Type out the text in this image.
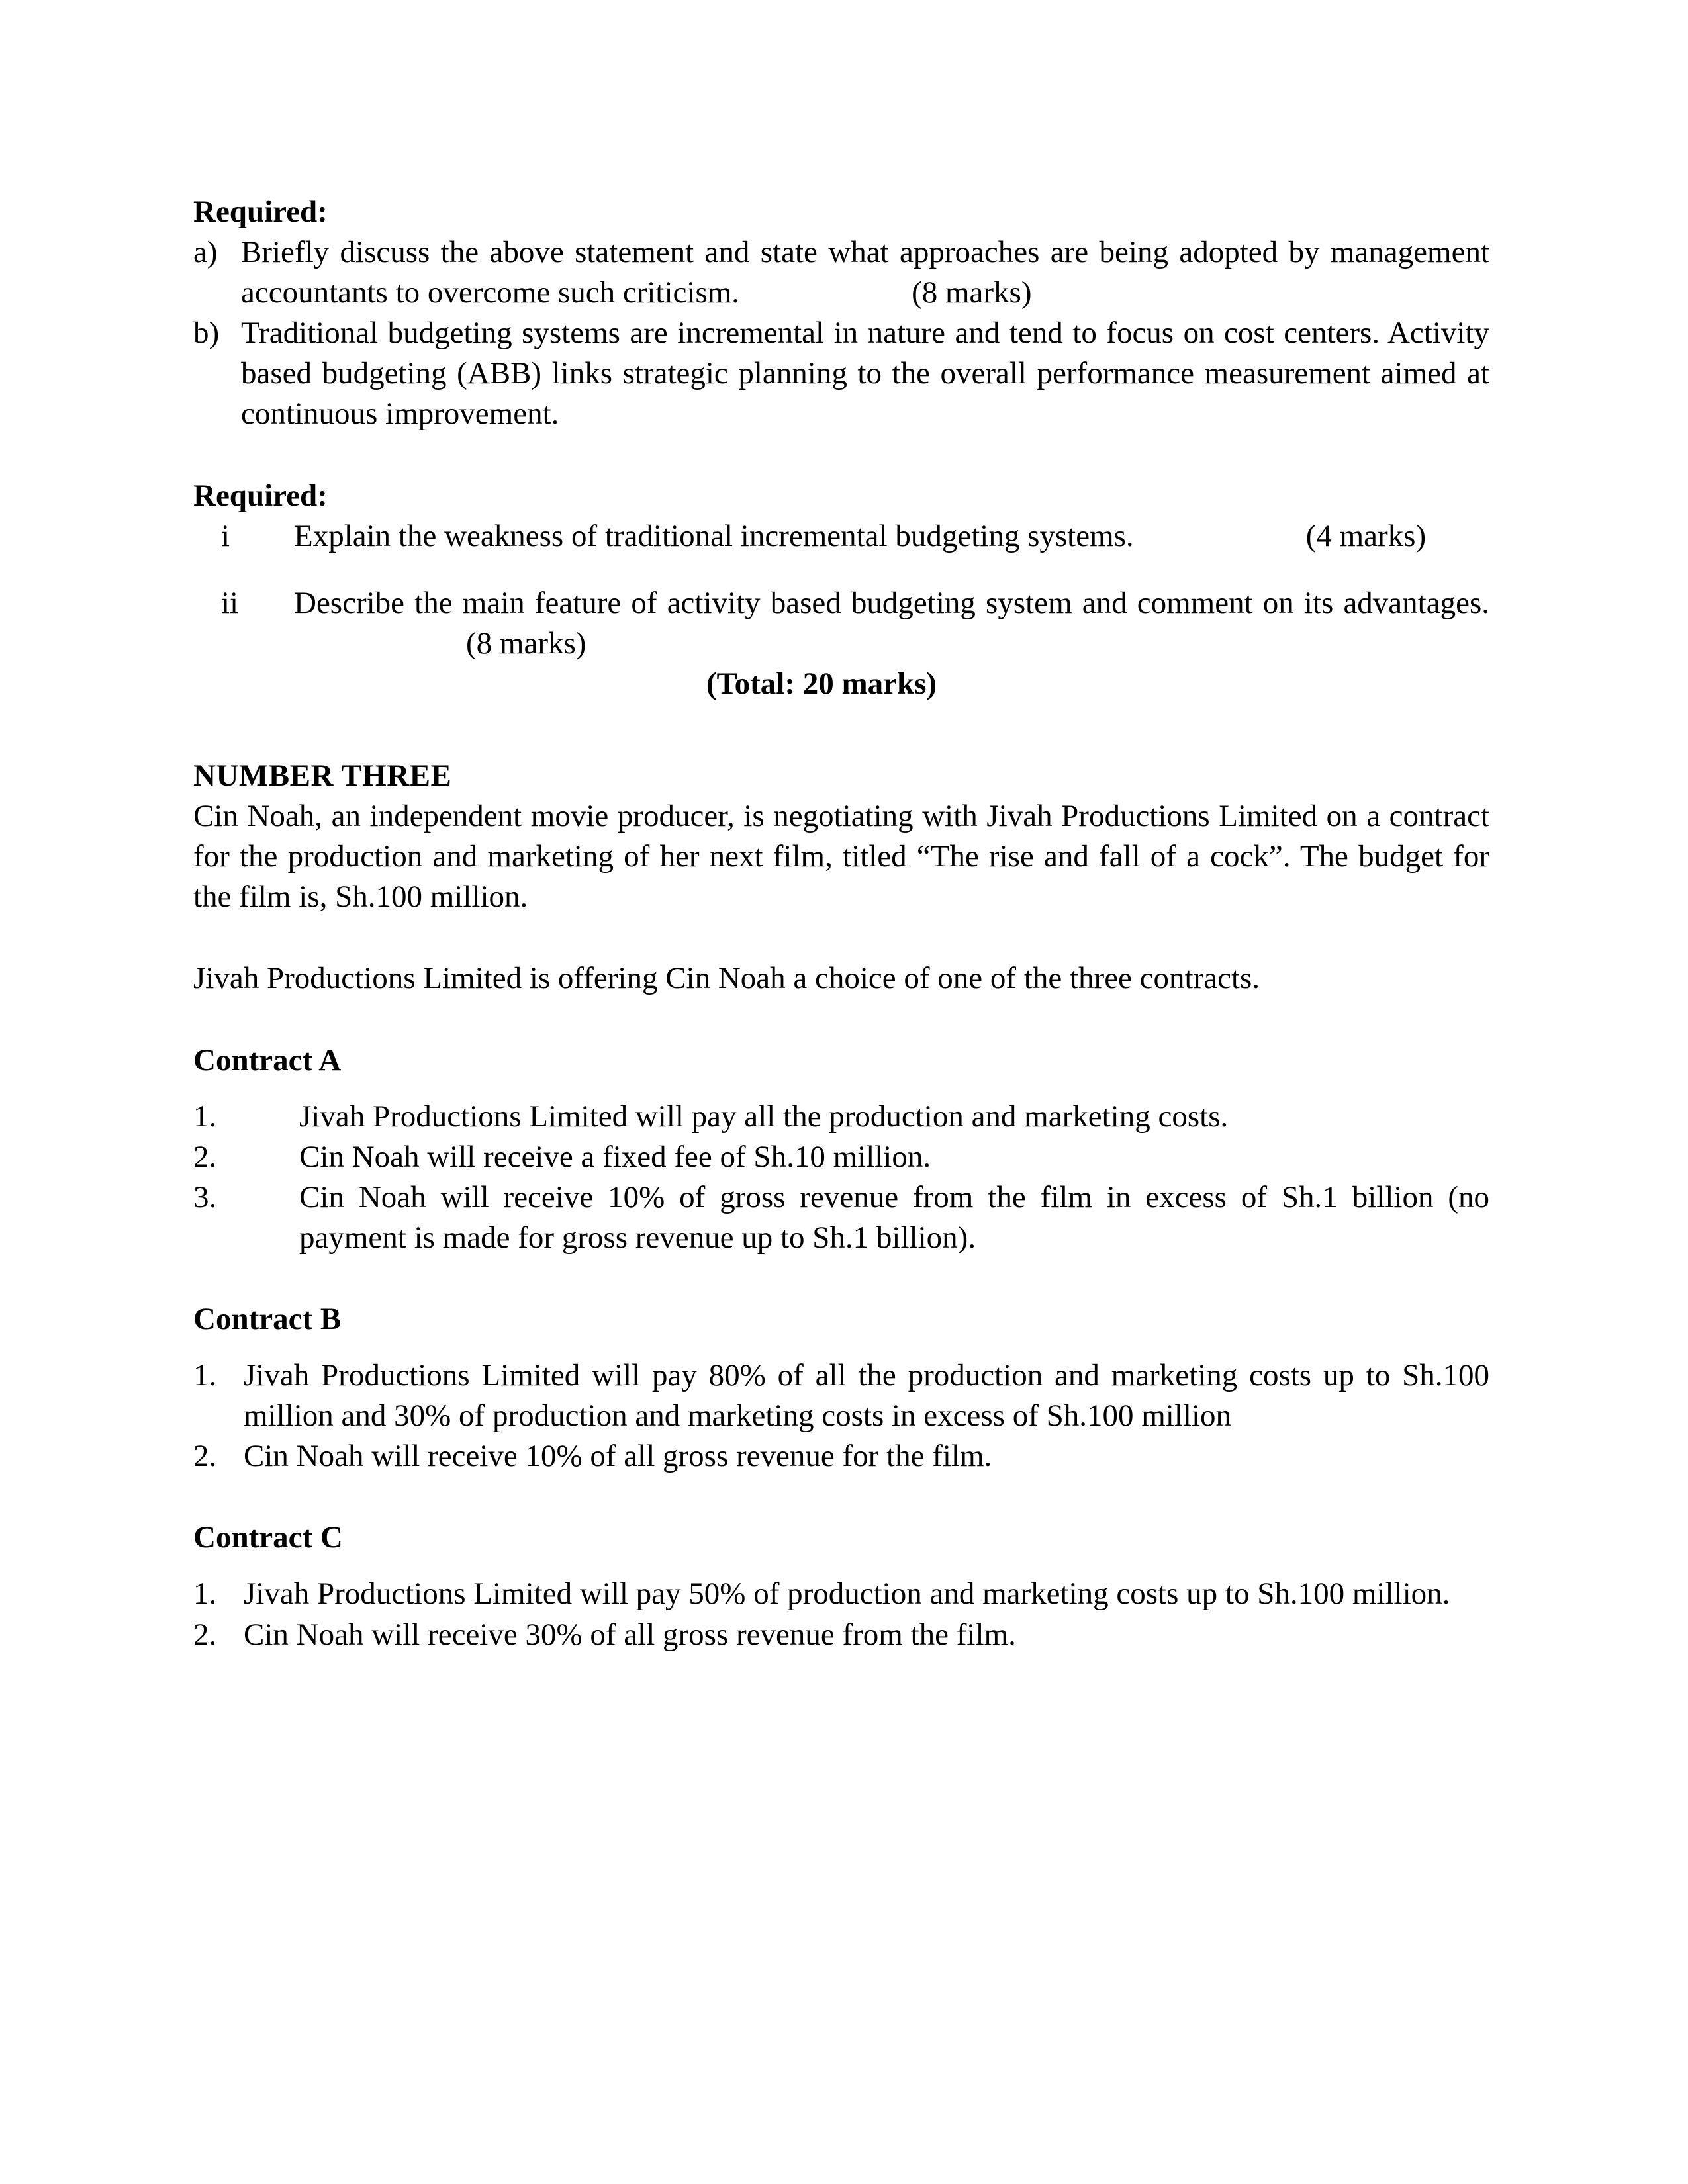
Required:

a) Briefly discuss the above statement and state what approaches are being adopted by management accountants to overcome such criticism.	(8 marks)
b) Traditional budgeting systems are incremental in nature and tend to focus on cost centers. Activity based budgeting (ABB) links strategic planning to the overall performance measurement aimed at continuous improvement.

Required:

i	Explain the weakness of traditional incremental budgeting systems.	(4 marks)
ii	Describe the main feature of activity based budgeting system and comment on its advantages.(8 marks)

(Total: 20 marks)

NUMBER THREE

Cin Noah, an independent movie producer, is negotiating with Jivah Productions Limited on a contract for the production and marketing of her next film, titled “The rise and fall of a cock”. The budget for the film is, Sh.100 million.

Jivah Productions Limited is offering Cin Noah a choice of one of the three contracts.

Contract A

1.	Jivah Productions Limited will pay all the production and marketing costs.
2.	Cin Noah will receive a fixed fee of Sh.10 million.
3.	Cin Noah will receive 10% of gross revenue from the film in excess of Sh.1 billion (no payment is made for gross revenue up to Sh.1 billion).

Contract B

1. Jivah Productions Limited will pay 80% of all the production and marketing costs up to Sh.100 million and 30% of production and marketing costs in excess of Sh.100 million
2. Cin Noah will receive 10% of all gross revenue for the film.

Contract C

1. Jivah Productions Limited will pay 50% of production and marketing costs up to Sh.100 million.
2. Cin Noah will receive 30% of all gross revenue from the film.
